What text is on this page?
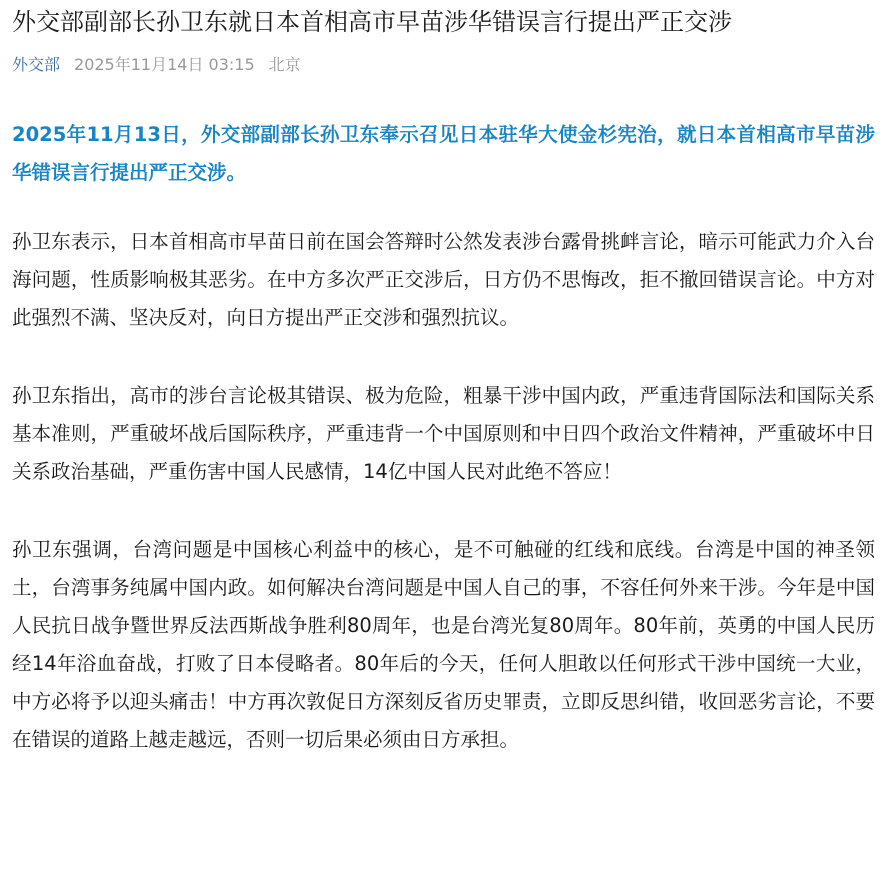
外交部副部长孙卫东就日本首相高市早苗涉华错误言行提出严正交涉
外交部 2025年11月14日 03:15 北京

2025年11月13日，外交部副部长孙卫东奉示召见日本驻华大使金杉宪治，就日本首相高市早苗涉华错误言行提出严正交涉。

孙卫东表示，日本首相高市早苗日前在国会答辩时公然发表涉台露骨挑衅言论，暗示可能武力介入台海问题，性质影响极其恶劣。在中方多次严正交涉后，日方仍不思悔改，拒不撤回错误言论。中方对此强烈不满、坚决反对，向日方提出严正交涉和强烈抗议。

孙卫东指出，高市的涉台言论极其错误、极为危险，粗暴干涉中国内政，严重违背国际法和国际关系基本准则，严重破坏战后国际秩序，严重违背一个中国原则和中日四个政治文件精神，严重破坏中日关系政治基础，严重伤害中国人民感情，14亿中国人民对此绝不答应！

孙卫东强调，台湾问题是中国核心利益中的核心，是不可触碰的红线和底线。台湾是中国的神圣领土，台湾事务纯属中国内政。如何解决台湾问题是中国人自己的事，不容任何外来干涉。今年是中国人民抗日战争暨世界反法西斯战争胜利80周年，也是台湾光复80周年。80年前，英勇的中国人民历经14年浴血奋战，打败了日本侵略者。80年后的今天，任何人胆敢以任何形式干涉中国统一大业，中方必将予以迎头痛击！中方再次敦促日方深刻反省历史罪责，立即反思纠错，收回恶劣言论，不要在错误的道路上越走越远，否则一切后果必须由日方承担。
